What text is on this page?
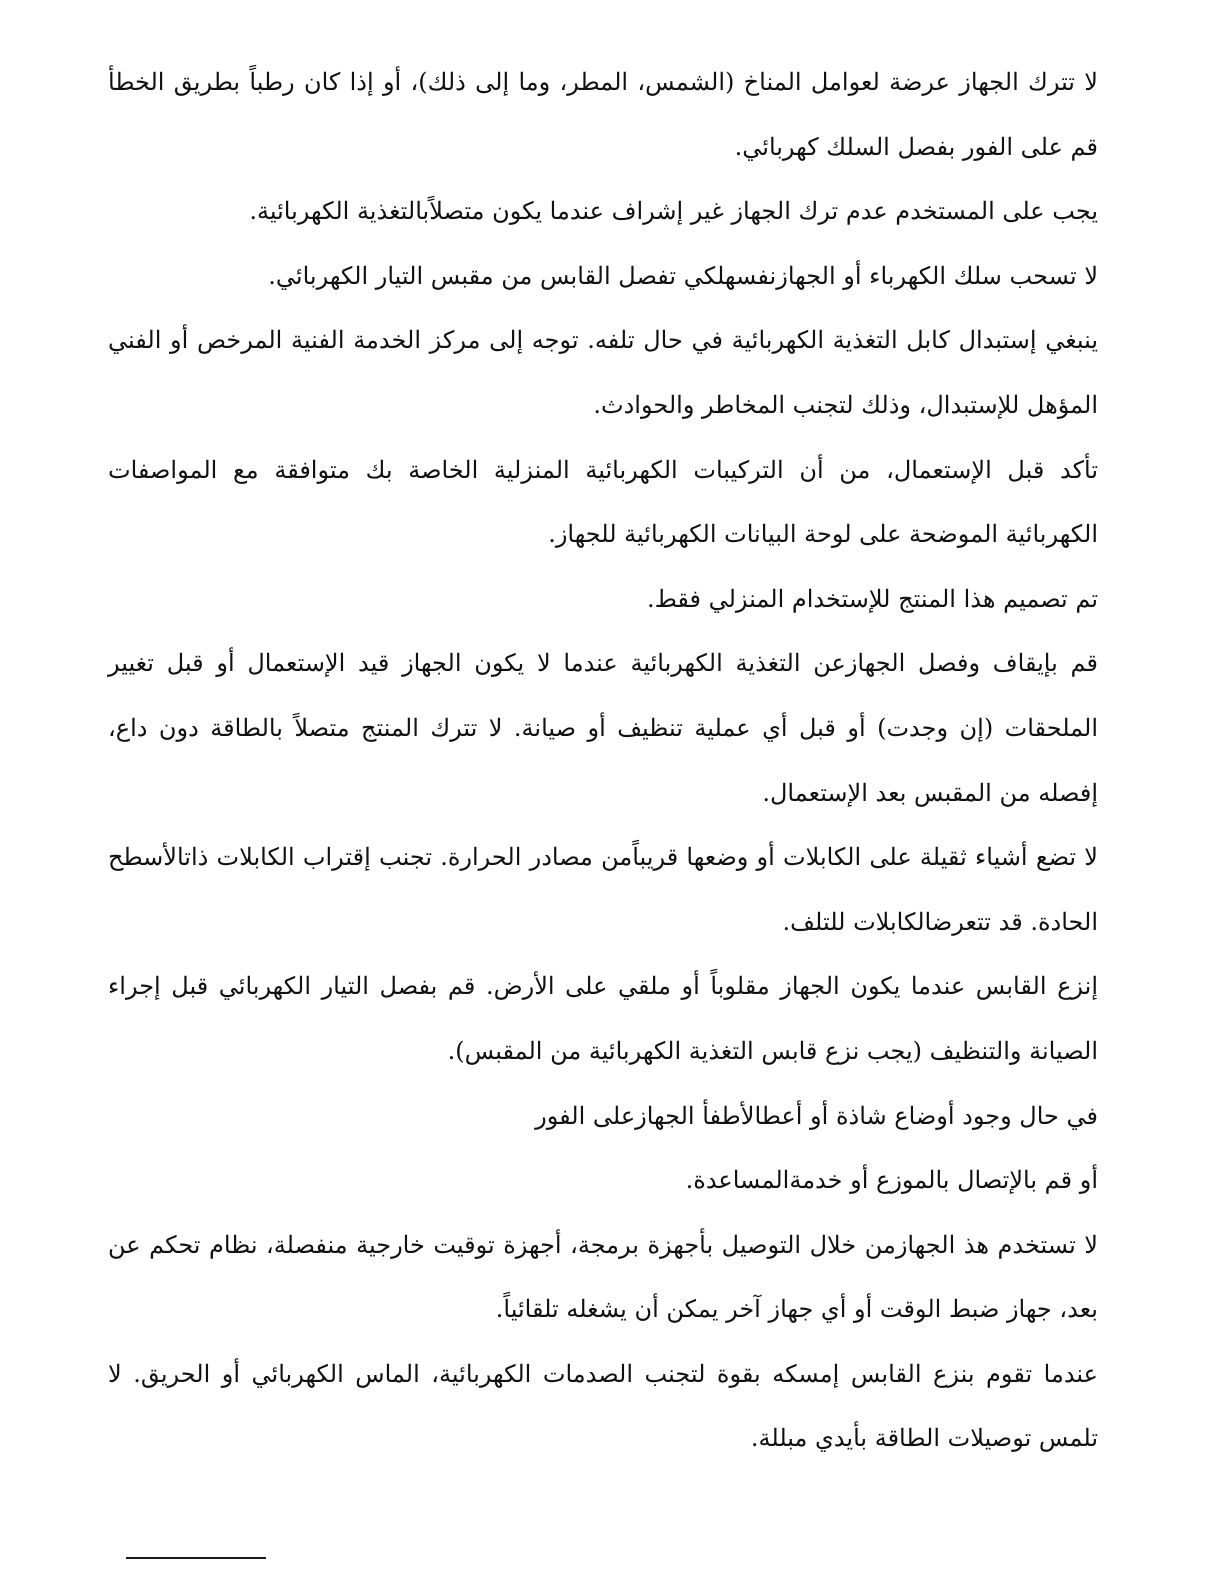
لا تترك الجهاز عرضة لعوامل المناخ (الشمس، المطر، وما إلى ذلك)، أو إذا كان رطباً بطريق الخطأ قم على الفور بفصل السلك كهربائي.

يجب على المستخدم عدم ترك الجهاز غير إشراف عندما يكون متصلاًبالتغذية الكهربائية.

لا تسحب سلك الكهرباء أو الجهازنفسهلكي تفصل القابس من مقبس التيار الكهربائي.

ينبغي إستبدال كابل التغذية الكهربائية في حال تلفه. توجه إلى مركز الخدمة الفنية المرخص أو الفني المؤهل للإستبدال، وذلك لتجنب المخاطر والحوادث.

تأكد قبل الإستعمال، من أن التركيبات الكهربائية المنزلية الخاصة بك متوافقة مع المواصفات الكهربائية الموضحة على لوحة البيانات الكهربائية للجهاز.

تم تصميم هذا المنتج للإستخدام المنزلي فقط.

قم بإيقاف وفصل الجهازعن التغذية الكهربائية عندما لا يكون الجهاز قيد الإستعمال أو قبل تغيير الملحقات (إن وجدت) أو قبل أي عملية تنظيف أو صيانة. لا تترك المنتج متصلاً بالطاقة دون داع، إفصله من المقبس بعد الإستعمال.

لا تضع أشياء ثقيلة على الكابلات أو وضعها قريباًمن مصادر الحرارة. تجنب إقتراب الكابلات ذاتالأسطح الحادة. قد تتعرضالكابلات للتلف.

إنزع القابس عندما يكون الجهاز مقلوباً أو ملقي على الأرض. قم بفصل التيار الكهربائي قبل إجراء الصيانة والتنظيف (يجب نزع قابس التغذية الكهربائية من المقبس).

في حال وجود أوضاع شاذة أو أعطالأطفأ الجهازعلى الفور

أو قم بالإتصال بالموزع أو خدمةالمساعدة.

لا تستخدم هذ الجهازمن خلال التوصيل بأجهزة برمجة، أجهزة توقيت خارجية منفصلة، نظام تحكم عن بعد، جهاز ضبط الوقت أو أي جهاز آخر يمكن أن يشغله تلقائياً.

عندما تقوم بنزع القابس إمسكه بقوة لتجنب الصدمات الكهربائية، الماس الكهربائي أو الحريق. لا تلمس توصيلات الطاقة بأيدي مبللة.
